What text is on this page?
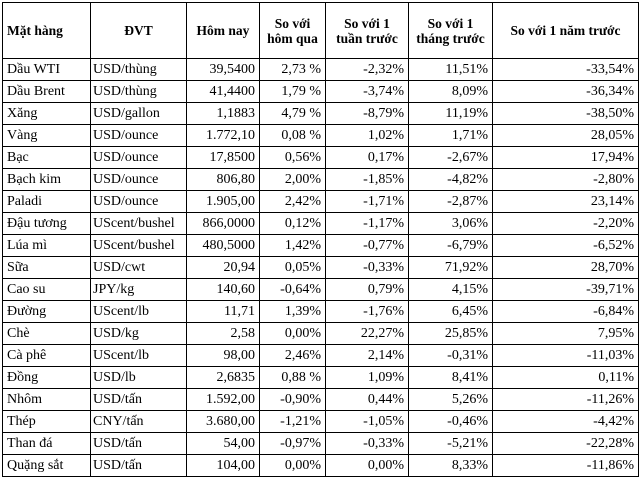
Mặt hàng	ĐVT	Hôm nay	So với hôm qua	So với 1 tuần trước	So với 1 tháng trước	So với 1 năm trước
Dầu WTI	USD/thùng	39,5400	2,73 %	-2,32%	11,51%	-33,54%
Dầu Brent	USD/thùng	41,4400	1,79 %	-3,74%	8,09%	-36,34%
Xăng	USD/gallon	1,1883	4,79 %	-8,79%	11,19%	-38,50%
Vàng	USD/ounce	1.772,10	0,08 %	1,02%	1,71%	28,05%
Bạc	USD/ounce	17,8500	0,56%	0,17%	-2,67%	17,94%
Bạch kim	USD/ounce	806,80	2,00%	-1,85%	-4,82%	-2,80%
Paladi	USD/ounce	1.905,00	2,42%	-1,71%	-2,87%	23,14%
Đậu tương	UScent/bushel	866,0000	0,12%	-1,17%	3,06%	-2,20%
Lúa mì	UScent/bushel	480,5000	1,42%	-0,77%	-6,79%	-6,52%
Sữa	USD/cwt	20,94	0,05%	-0,33%	71,92%	28,70%
Cao su	JPY/kg	140,60	-0,64%	0,79%	4,15%	-39,71%
Đường	UScent/lb	11,71	1,39%	-1,76%	6,45%	-6,84%
Chè	USD/kg	2,58	0,00%	22,27%	25,85%	7,95%
Cà phê	UScent/lb	98,00	2,46%	2,14%	-0,31%	-11,03%
Đồng	USD/lb	2,6835	0,88 %	1,09%	8,41%	0,11%
Nhôm	USD/tấn	1.592,00	-0,90%	0,44%	5,26%	-11,26%
Thép	CNY/tấn	3.680,00	-1,21%	-1,05%	-0,46%	-4,42%
Than đá	USD/tấn	54,00	-0,97%	-0,33%	-5,21%	-22,28%
Quặng sắt	USD/tấn	104,00	0,00%	0,00%	8,33%	-11,86%
